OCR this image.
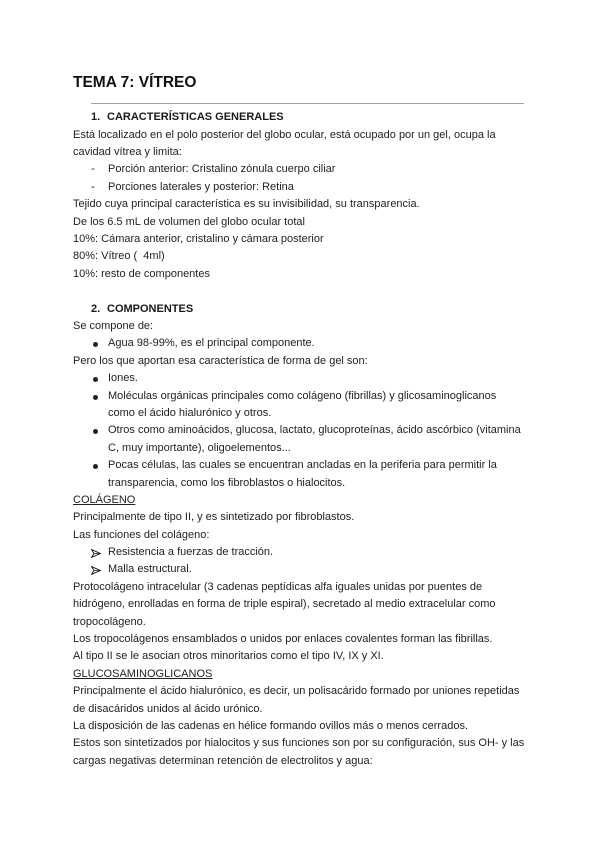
TEMA 7: VÍTREO
1. CARACTERÍSTICAS GENERALES
Está localizado en el polo posterior del globo ocular, está ocupado por un gel, ocupa la
cavidad vítrea y limita:
- Porción anterior: Cristalino zónula cuerpo ciliar
- Porciones laterales y posterior: Retina
Tejido cuya principal característica es su invisibilidad, su transparencia.
De los 6.5 mL de volumen del globo ocular total
10%: Cámara anterior, cristalino y cámara posterior
80%: Vítreo (  4ml)
10%: resto de componentes
2. COMPONENTES
Se compone de:
Agua 98-99%, es el principal componente.
Pero los que aportan esa característica de forma de gel son:
Iones.
Moléculas orgánicas principales como colágeno (fibrillas) y glicosaminoglicanos
como el ácido hialurónico y otros.
Otros como aminoácidos, glucosa, lactato, glucoproteínas, ácido ascórbico (vitamina
C, muy importante), oligoelementos...
Pocas células, las cuales se encuentran ancladas en la periferia para permitir la
transparencia, como los fibroblastos o hialocitos.
COLÁGENO
Principalmente de tipo II, y es sintetizado por fibroblastos.
Las funciones del colágeno:
Resistencia a fuerzas de tracción.
Malla estructural.
Protocolágeno intracelular (3 cadenas peptídicas alfa iguales unidas por puentes de
hidrógeno, enrolladas en forma de triple espiral), secretado al medio extracelular como
tropocolágeno.
Los tropocolágenos ensamblados o unidos por enlaces covalentes forman las fibrillas.
Al tipo II se le asocian otros minoritarios como el tipo IV, IX y XI.
GLUCOSAMINOGLICANOS
Principalmente el ácido hialurónico, es decir, un polisacárido formado por uniones repetidas
de disacáridos unidos al ácido urónico.
La disposición de las cadenas en hélice formando ovillos más o menos cerrados.
Estos son sintetizados por hialocitos y sus funciones son por su configuración, sus OH- y las
cargas negativas determinan retención de electrolitos y agua:
